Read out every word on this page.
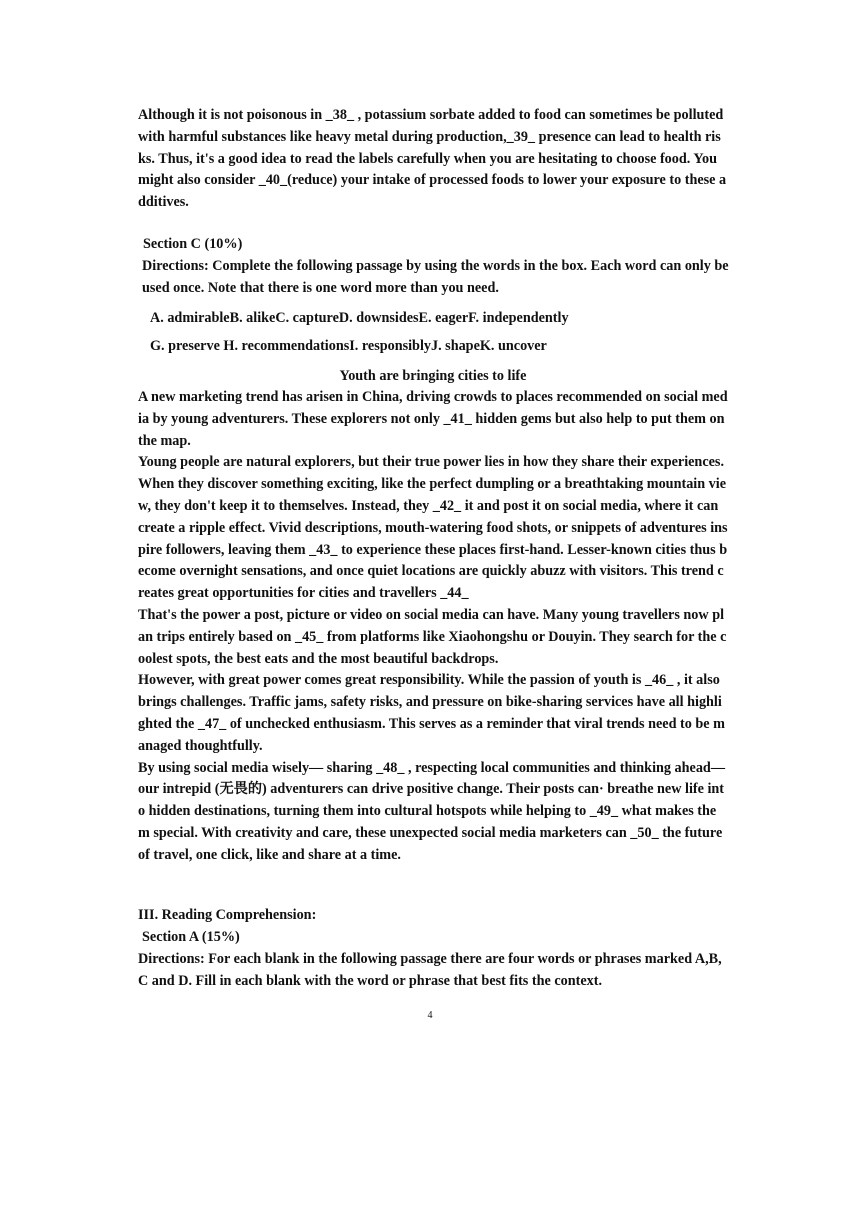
Although it is not poisonous in _38_ , potassium sorbate added to food can sometimes be polluted with harmful substances like heavy metal during production,_39_ presence can lead to health risks. Thus, it's a good idea to read the labels carefully when you are hesitating to choose food. You might also consider _40_(reduce) your intake of processed foods to lower your exposure to these additives.

Section C (10%)

Directions: Complete the following passage by using the words in the box. Each word can only be used once. Note that there is one word more than you need.

A. admirableB. alikeC. captureD. downsidesE. eagerF. independently

G. preserve H. recommendationsI. responsiblyJ. shapeK. uncover

Youth are bringing cities to life

A new marketing trend has arisen in China, driving crowds to places recommended on social media by young adventurers. These explorers not only _41_ hidden gems but also help to put them on the map.
Young people are natural explorers, but their true power lies in how they share their experiences. When they discover something exciting, like the perfect dumpling or a breathtaking mountain view, they don't keep it to themselves. Instead, they _42_ it and post it on social media, where it can create a ripple effect. Vivid descriptions, mouth-watering food shots, or snippets of adventures inspire followers, leaving them _43_ to experience these places first-hand. Lesser-known cities thus become overnight sensations, and once quiet locations are quickly abuzz with visitors. This trend creates great opportunities for cities and travellers _44_
That's the power a post, picture or video on social media can have. Many young travellers now plan trips entirely based on _45_ from platforms like Xiaohongshu or Douyin. They search for the coolest spots, the best eats and the most beautiful backdrops.
However, with great power comes great responsibility. While the passion of youth is _46_ , it also brings challenges. Traffic jams, safety risks, and pressure on bike-sharing services have all highlighted the _47_ of unchecked enthusiasm. This serves as a reminder that viral trends need to be managed thoughtfully.
By using social media wisely— sharing _48_ , respecting local communities and thinking ahead— our intrepid (无畏的) adventurers can drive positive change. Their posts can· breathe new life into hidden destinations, turning them into cultural hotspots while helping to _49_ what makes them special. With creativity and care, these unexpected social media marketers can _50_ the future of travel, one click, like and share at a time.

III. Reading Comprehension:

Section A (15%)

Directions: For each blank in the following passage there are four words or phrases marked A,B,C and D. Fill in each blank with the word or phrase that best fits the context.

4
